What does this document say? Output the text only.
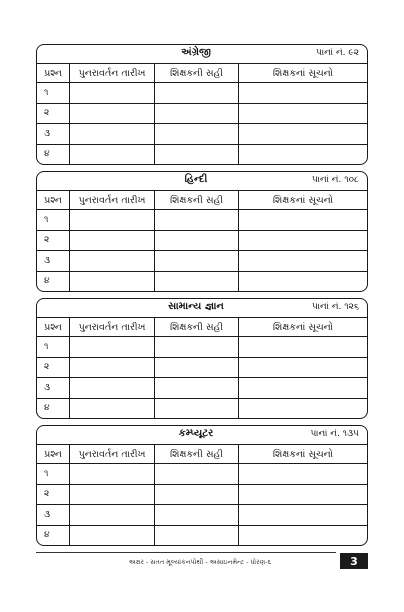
અંગ્રેજી	પાનાં નં. ૯૨
પ્રશ્ન	પુનરાવર્તન તારીખ	શિક્ષકની સહી	શિક્ષકનાં સૂચનો
૧
૨
૩
૪
હિન્દી	પાનાં નં. ૧૦૮
પ્રશ્ન	પુનરાવર્તન તારીખ	શિક્ષકની સહી	શિક્ષકનાં સૂચનો
૧
૨
૩
૪
સામાન્ય જ્ઞાન	પાનાં નં. ૧૨૬
પ્રશ્ન	પુનરાવર્તન તારીખ	શિક્ષકની સહી	શિક્ષકનાં સૂચનો
૧
૨
૩
૪
કમ્પ્યૂટર	પાનાં નં. ૧૩૫
પ્રશ્ન	પુનરાવર્તન તારીખ	શિક્ષકની સહી	શિક્ષકનાં સૂચનો
૧
૨
૩
૪
અક્ષર - સતત મૂલ્યાંકનપોથી - અસાઇનમેન્ટ - ધોરણ-૬	3
